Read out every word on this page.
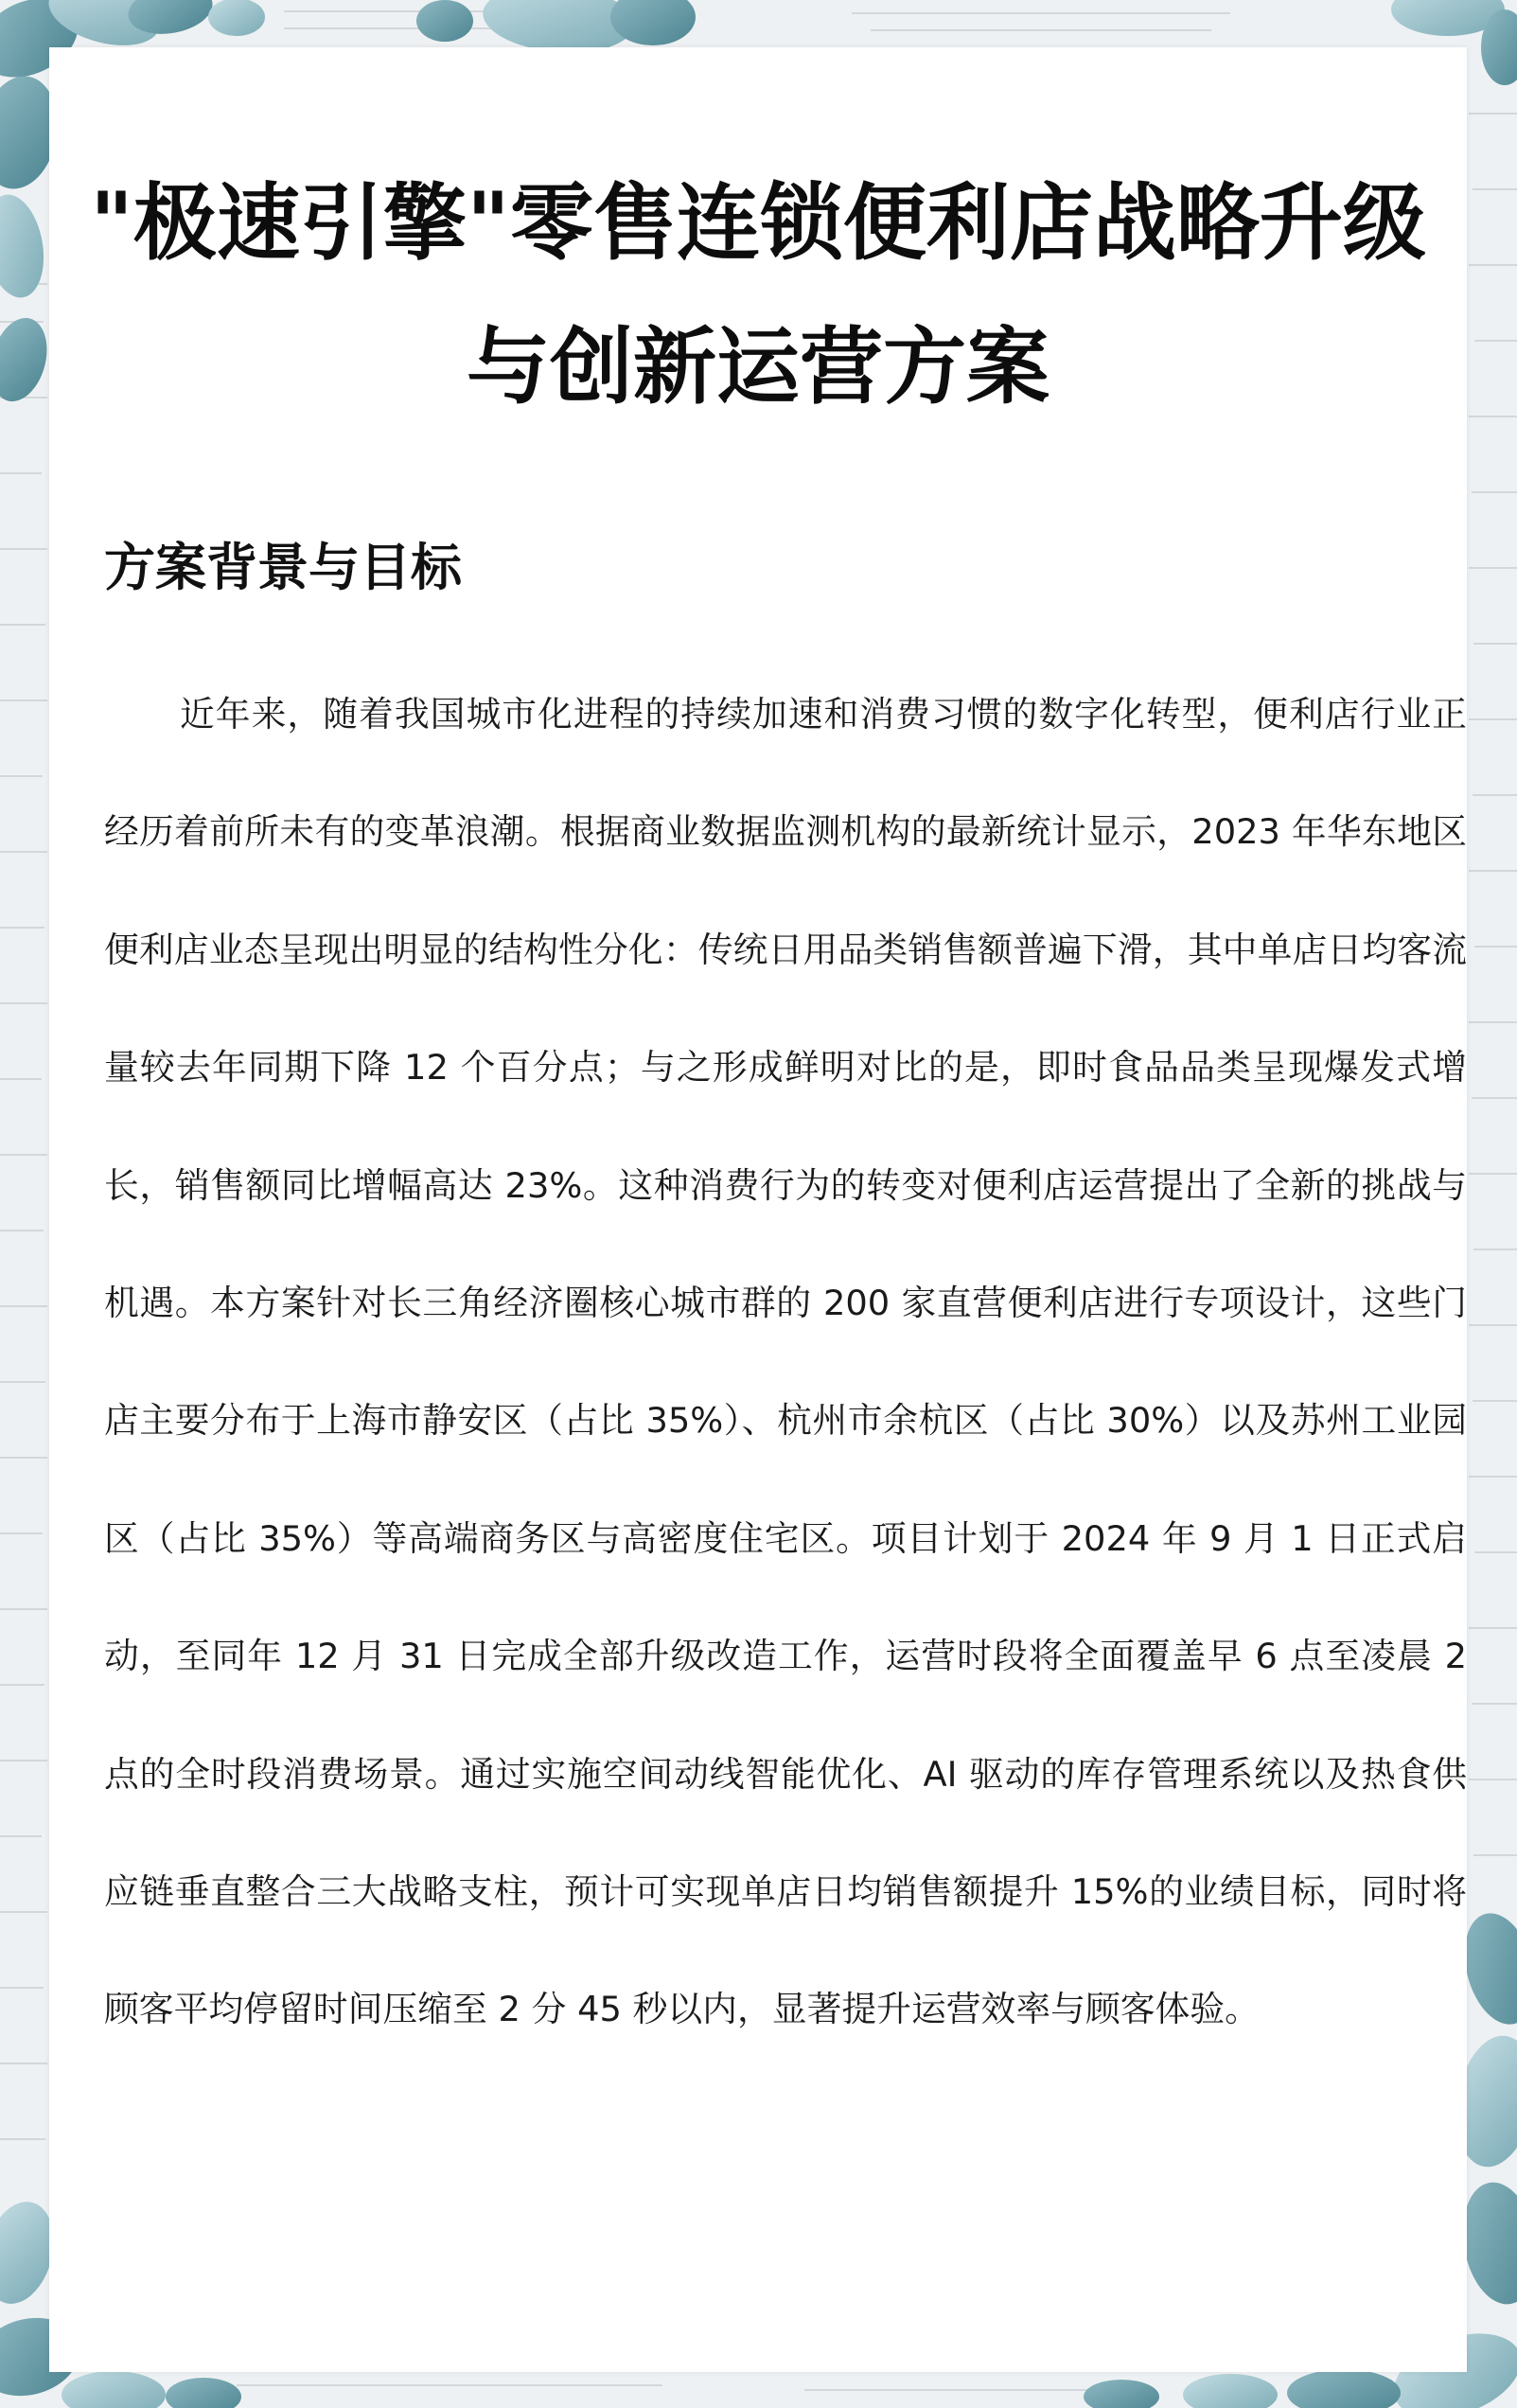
"极速引擎"零售连锁便利店战略升级与创新运营方案
方案背景与目标

近年来，随着我国城市化进程的持续加速和消费习惯的数字化转型，便利店行业正经历着前所未有的变革浪潮。根据商业数据监测机构的最新统计显示，2023 年华东地区便利店业态呈现出明显的结构性分化：传统日用品类销售额普遍下滑，其中单店日均客流量较去年同期下降 12 个百分点；与之形成鲜明对比的是，即时食品品类呈现爆发式增长，销售额同比增幅高达 23%。这种消费行为的转变对便利店运营提出了全新的挑战与机遇。本方案针对长三角经济圈核心城市群的 200 家直营便利店进行专项设计，这些门店主要分布于上海市静安区（占比 35%）、杭州市余杭区（占比 30%）以及苏州工业园区（占比 35%）等高端商务区与高密度住宅区。项目计划于 2024 年 9 月 1 日正式启动，至同年 12 月 31 日完成全部升级改造工作，运营时段将全面覆盖早 6 点至凌晨 2 点的全时段消费场景。通过实施空间动线智能优化、AI 驱动的库存管理系统以及热食供应链垂直整合三大战略支柱，预计可实现单店日均销售额提升 15%的业绩目标，同时将顾客平均停留时间压缩至 2 分 45 秒以内，显著提升运营效率与顾客体验。
